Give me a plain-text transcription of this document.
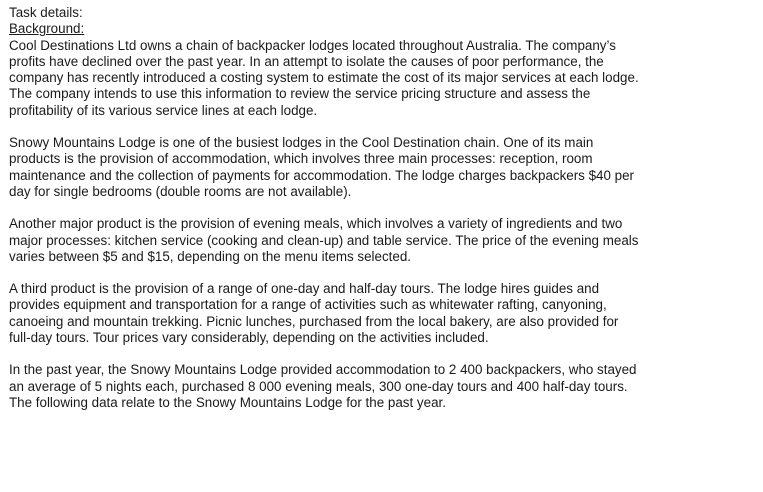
Task details:
Background:
Cool Destinations Ltd owns a chain of backpacker lodges located throughout Australia. The company’s
profits have declined over the past year. In an attempt to isolate the causes of poor performance, the
company has recently introduced a costing system to estimate the cost of its major services at each lodge.
The company intends to use this information to review the service pricing structure and assess the
profitability of its various service lines at each lodge.
Snowy Mountains Lodge is one of the busiest lodges in the Cool Destination chain. One of its main
products is the provision of accommodation, which involves three main processes: reception, room
maintenance and the collection of payments for accommodation. The lodge charges backpackers $40 per
day for single bedrooms (double rooms are not available).
Another major product is the provision of evening meals, which involves a variety of ingredients and two
major processes: kitchen service (cooking and clean-up) and table service. The price of the evening meals
varies between $5 and $15, depending on the menu items selected.
A third product is the provision of a range of one-day and half-day tours. The lodge hires guides and
provides equipment and transportation for a range of activities such as whitewater rafting, canyoning,
canoeing and mountain trekking. Picnic lunches, purchased from the local bakery, are also provided for
full-day tours. Tour prices vary considerably, depending on the activities included.
In the past year, the Snowy Mountains Lodge provided accommodation to 2 400 backpackers, who stayed
an average of 5 nights each, purchased 8 000 evening meals, 300 one-day tours and 400 half-day tours.
The following data relate to the Snowy Mountains Lodge for the past year.
